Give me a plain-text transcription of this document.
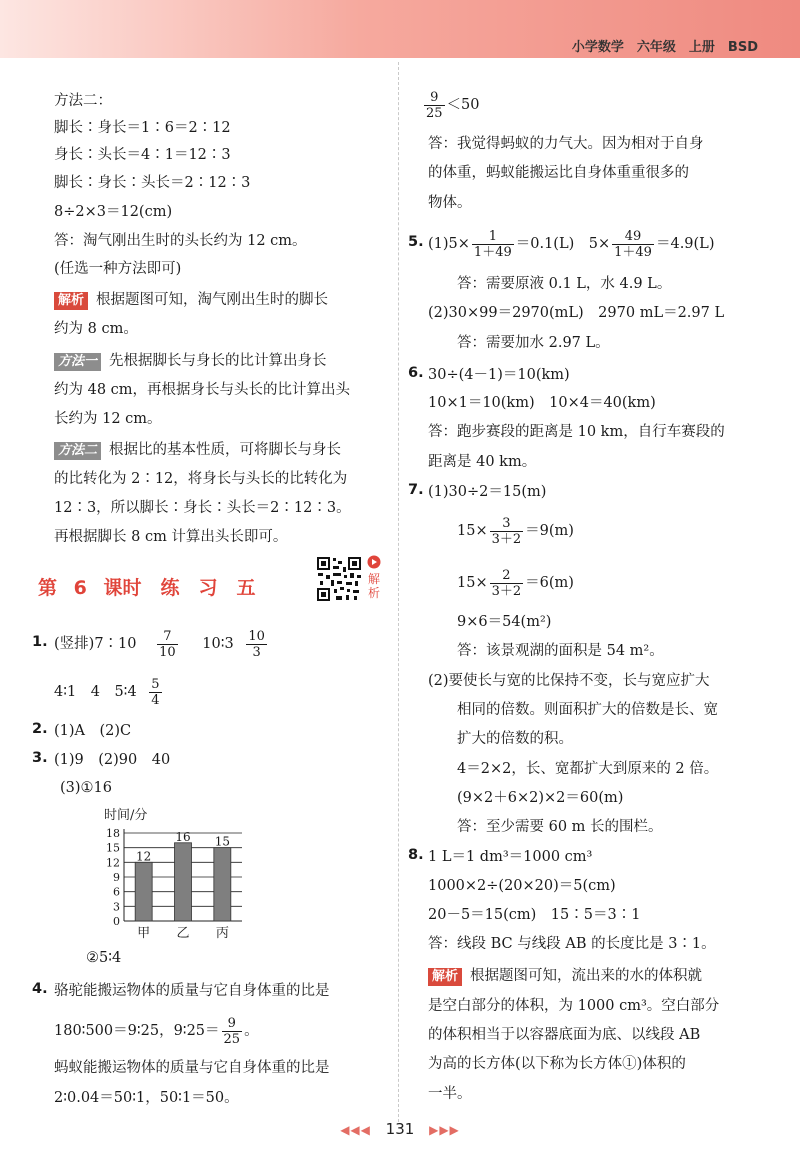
小学数学　六年级　上册　BSD
方法二：
脚长∶身长＝1∶6＝2∶12
身长∶头长＝4∶1＝12∶3
脚长∶身长∶头长＝2∶12∶3
8÷2×3＝12(cm)
答：淘气刚出生时的头长约为 12 cm。
(任选一种方法即可)
解析 根据题图可知，淘气刚出生时的脚长
约为 8 cm。
方法一 先根据脚长与身长的比计算出身长
约为 48 cm，再根据身长与头长的比计算出头
长约为 12 cm。
方法二 根据比的基本性质，可将脚长与身长
的比转化为 2∶12，将身长与头长的比转化为
12∶3，所以脚长∶身长∶头长＝2∶12∶3。
再根据脚长 8 cm 计算出头长即可。
第 6 课时　练　习　五	解析
1. (竖排)7∶10 $\frac{7}{10}$ 10∶3 $\frac{10}{3}$
4∶1　4　5∶4 $\frac{5}{4}$
2. (1)A　(2)C
3. (1)9　(2)90　40
(3)①16
时间/分
0
3
6
9
12
15
18
12
甲
16
乙
15
丙
②5∶4
4. 骆驼能搬运物体的质量与它自身体重的比是
180∶500＝9∶25，9∶25＝ $\frac{9}{25}$ 。
蚂蚁能搬运物体的质量与它自身体重的比是
2∶0.04＝50∶1，50∶1＝50。
$\frac{9}{25} <50$
答：我觉得蚂蚁的力气大。因为相对于自身
的体重，蚂蚁能搬运比自身体重重很多的
物体。
5. $(1)5\times \frac{1}{1+49} =0.1(L)$　$5\times \frac{49}{1+49} =4.9(L)$
答：需要原液 0.1 L，水 4.9 L。
(2)30×99＝2970(mL)　2970 mL＝2.97 L
答：需要加水 2.97 L。
6. 30÷(4－1)＝10(km)
10×1＝10(km)　10×4＝40(km)
答：跑步赛段的距离是 10 km，自行车赛段的
距离是 40 km。
7. (1)30÷2＝15(m)
$15\times \frac{3}{3+2} =9(m)$
$15\times \frac{2}{3+2} =6(m)$
9×6＝54(m²)
答：该景观湖的面积是 54 m²。
(2)要使长与宽的比保持不变，长与宽应扩大
相同的倍数。则面积扩大的倍数是长、宽
扩大的倍数的积。
4＝2×2，长、宽都扩大到原来的 2 倍。
(9×2＋6×2)×2＝60(m)
答：至少需要 60 m 长的围栏。
8. 1 L＝1 dm³＝1000 cm³
1000×2÷(20×20)＝5(cm)
20－5＝15(cm)　15∶5＝3∶1
答：线段 BC 与线段 AB 的长度比是 3∶1。
解析 根据题图可知，流出来的水的体积就
是空白部分的体积，为 1000 cm³。空白部分
的体积相当于以容器底面为底、以线段 AB
为高的长方体(以下称为长方体①)体积的
一半。
◀◀◀ 131 ▶▶▶
